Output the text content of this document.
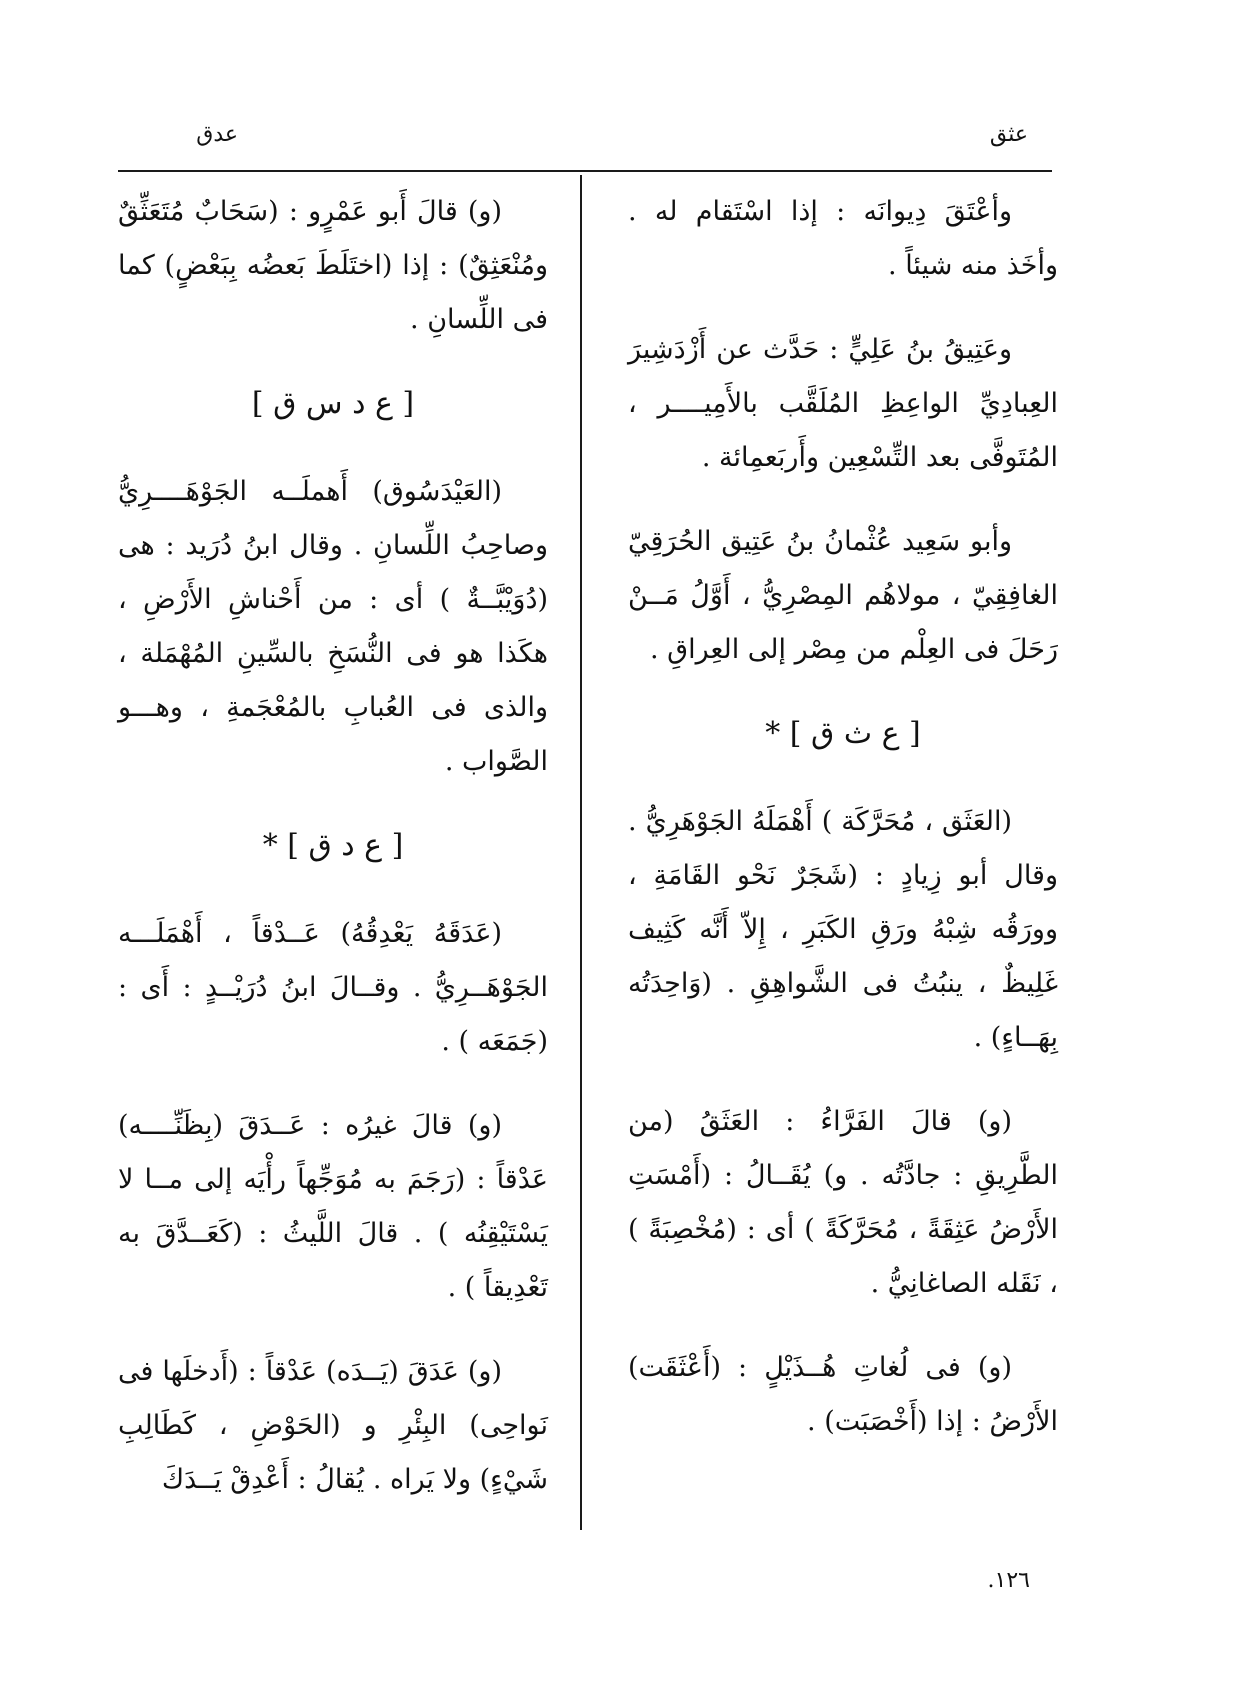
عثق
عدق

وأعْتَقَ دِيوانَه : إذا اسْتَقام له . وأخَذ منه شيئاً .

وعَتِيقُ بنُ عَلِيٍّ : حَدَّث عن أَزْدَشِيرَ العِبادِيِّ الواعِظِ المُلَقَّب بالأَمِيــــر ، المُتَوفَّى بعد التِّسْعِين وأَربَعمِائة .

وأبو سَعِيد عُثْمانُ بنُ عَتِيق الحُرَقِيّ الغافِقِيّ ، مولاهُم المِصْرِيُّ ، أَوَّلُ مَــنْ رَحَلَ فى العِلْم من مِصْر إلى العِراقِ .

[ ع ث ق ] *

(العَثَق ، مُحَرَّكَة ) أَهْمَلَهُ الجَوْهَرِيُّ . وقال أبو زِيادٍ : (شَجَرٌ نَحْو القَامَةِ ، وورَقُه شِبْهُ ورَقِ الكَبَرِ ، إِلاّ أَنَّه كَثِيف غَلِيظٌ ، ينبُتُ فى الشَّواهِقِ . (وَاحِدَتُه بِهَــاءٍ) .

(و) قالَ الفَرَّاءُ : العَثَقُ (من الطَّرِيقِ : جادَّتُه . و) يُقَــالُ : (أَمْسَتِ الأَرْضُ عَثِقَةً ، مُحَرَّكَةً ) أى : (مُخْصِبَةً ) ، نَقَله الصاغانِيُّ .

(و) فى لُغاتِ هُــذَيْلٍ : (أَعْثَقَت) الأَرْضُ : إذا (أَخْصَبَت) .

(و) قالَ أَبو عَمْرٍو : (سَحَابٌ مُتَعَثِّقٌ ومُنْعَثِقٌ) : إذا (اختَلَطَ بَعضُه بِبَعْضٍ) كما فى اللِّسانِ .

[ ع د س ق ]

(العَيْدَسُوق) أَهملَــه الجَوْهَــــرِيُّ وصاحِبُ اللِّسانِ . وقال ابنُ دُرَيد : هى (دُوَيْبَّــةٌ ) أى : من أَحْناشِ الأَرْضِ ، هكَذا هو فى النُّسَخِ بالسِّينِ المُهْمَلة ، والذى فى العُبابِ بالمُعْجَمةِ ، وهـــو الصَّواب .

[ ع د ق ] *

(عَدَقَهُ يَعْدِقُهُ) عَــدْقاً ، أَهْمَلَـــه الجَوْهَــرِيُّ . وقــالَ ابنُ دُرَيْــدٍ : أَى : (جَمَعَه ) .

(و) قالَ غيرُه : عَــدَقَ (بِظَنِّــــه) عَدْقاً : (رَجَمَ به مُوَجِّهاً رأْيَه إلى مــا لا يَسْتَيْقِنُه ) . قالَ اللَّيثُ : (كَعَــدَّقَ به تَعْدِيقاً ) .

(و) عَدَقَ (يَــدَه) عَدْقاً : (أَدخلَها فى نَواحِى) البِئْرِ و (الحَوْضِ ، كَطَالِبِ شَيْءٍ) ولا يَراه . يُقالُ : أَعْدِقْ يَــدَكَ

١٢٦.
